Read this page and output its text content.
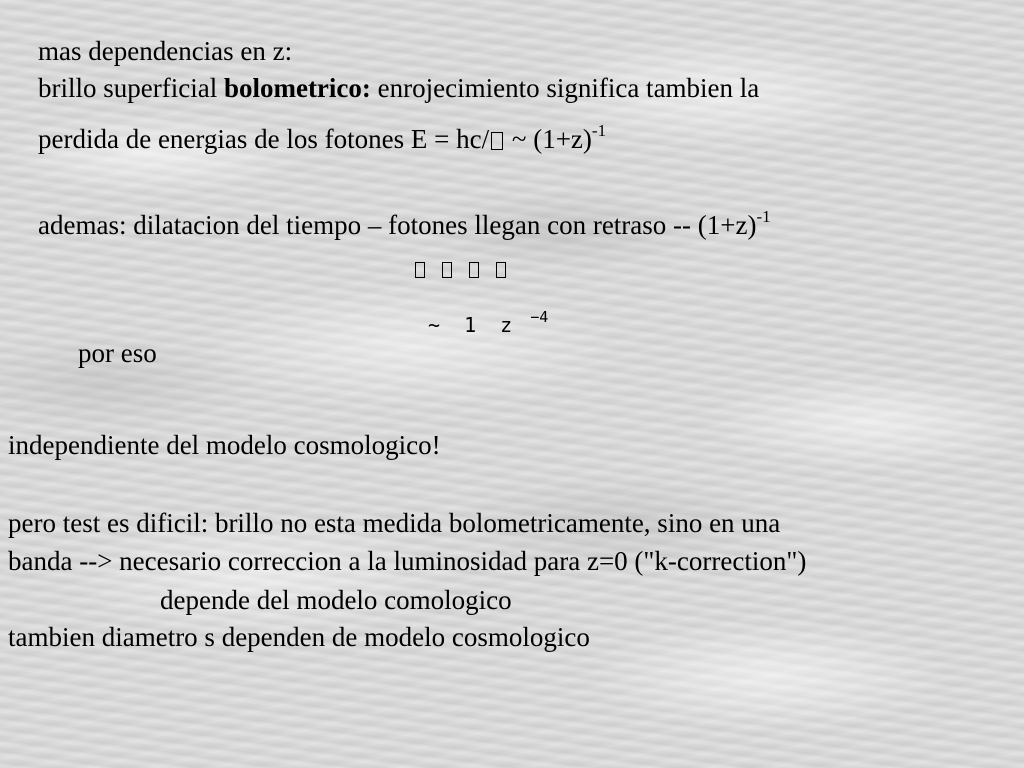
mas dependencias en z:
brillo superficial bolometrico: enrojecimiento significa tambien la
perdida de energias de los fotones E = hc/ ~ $(1+z)^{-1}$
ademas: dilatacion del tiempo – fotones llegan con retraso -- $(1+z)^{-1}$
~ 1 z $^{-4}$
por eso
independiente del modelo cosmologico!
pero test es dificil: brillo no esta medida bolometricamente, sino en una
banda --> necesario correccion a la luminosidad para z=0 ("k-correction")
depende del modelo comologico
tambien diametro s dependen de modelo cosmologico
